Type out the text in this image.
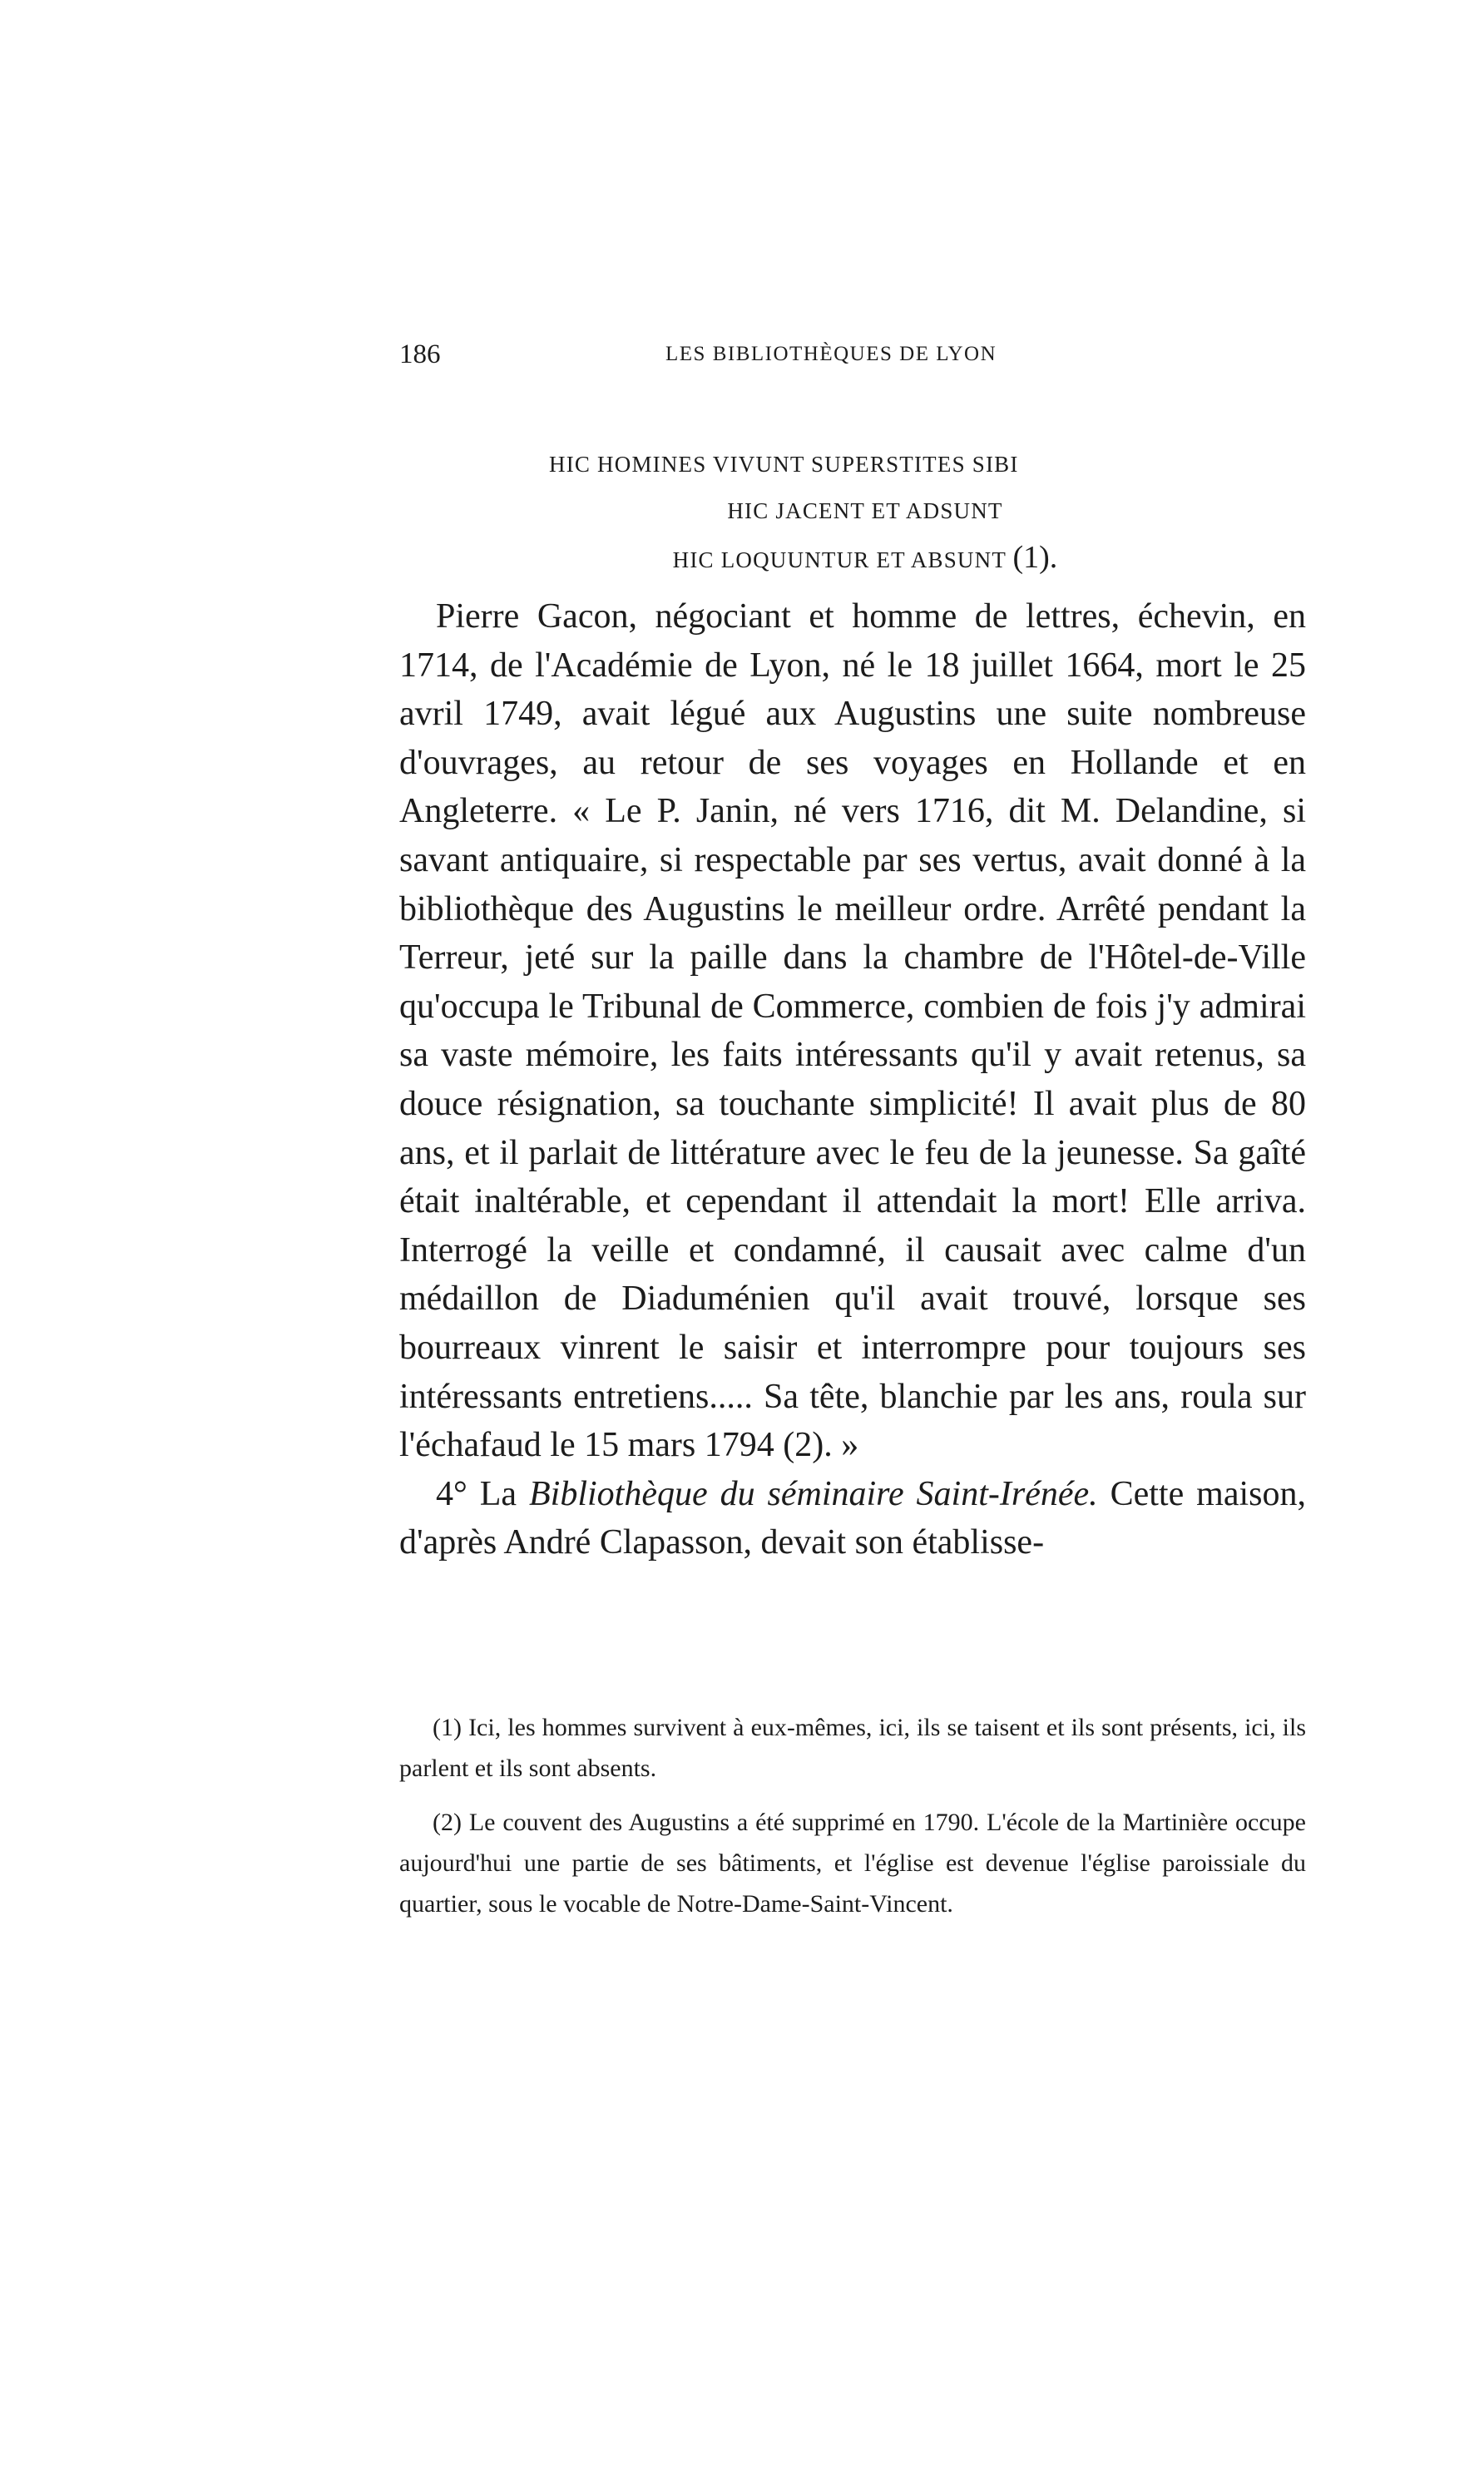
186	LES BIBLIOTHÈQUES DE LYON
HIC HOMINES VIVUNT SUPERSTITES SIBI
HIC JACENT ET ADSUNT
HIC LOQUUNTUR ET ABSUNT (1).

Pierre Gacon, négociant et homme de lettres, échevin, en 1714, de l'Académie de Lyon, né le 18 juillet 1664, mort le 25 avril 1749, avait légué aux Augustins une suite nombreuse d'ouvrages, au retour de ses voyages en Hollande et en Angleterre. « Le P. Janin, né vers 1716, dit M. Delandine, si savant antiquaire, si respectable par ses vertus, avait donné à la bibliothèque des Augustins le meilleur ordre. Arrêté pendant la Terreur, jeté sur la paille dans la chambre de l'Hôtel-de-Ville qu'occupa le Tribunal de Commerce, combien de fois j'y admirai sa vaste mémoire, les faits intéressants qu'il y avait retenus, sa douce résignation, sa touchante simplicité! Il avait plus de 80 ans, et il parlait de littérature avec le feu de la jeunesse. Sa gaîté était inaltérable, et cependant il attendait la mort! Elle arriva. Interrogé la veille et condamné, il causait avec calme d'un médaillon de Diaduménien qu'il avait trouvé, lorsque ses bourreaux vinrent le saisir et interrompre pour toujours ses intéressants entretiens..... Sa tête, blanchie par les ans, roula sur l'échafaud le 15 mars 1794 (2). »

4° La Bibliothèque du séminaire Saint-Irénée. Cette maison, d'après André Clapasson, devait son établisse-

(1) Ici, les hommes survivent à eux-mêmes, ici, ils se taisent et ils sont présents, ici, ils parlent et ils sont absents.

(2) Le couvent des Augustins a été supprimé en 1790. L'école de la Martinière occupe aujourd'hui une partie de ses bâtiments, et l'église est devenue l'église paroissiale du quartier, sous le vocable de Notre-Dame-Saint-Vincent.
